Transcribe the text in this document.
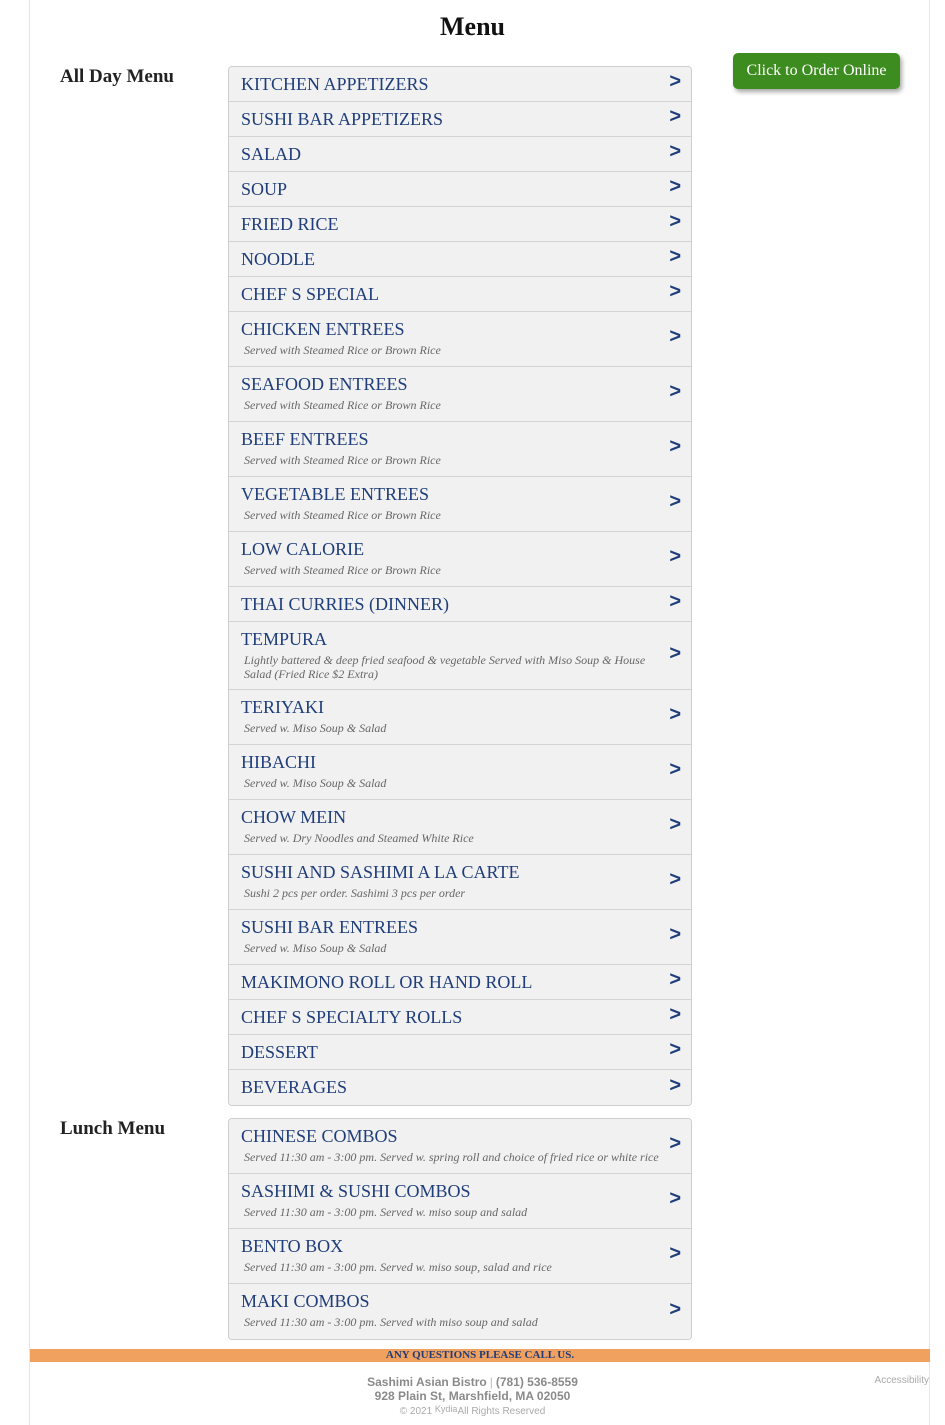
Menu
Click to Order Online
All Day Menu	KITCHEN APPETIZERS	>
SUSHI BAR APPETIZERS	>
SALAD	>
SOUP	>
FRIED RICE	>
NOODLE	>
CHEF S SPECIAL	>
CHICKEN ENTREES
Served with Steamed Rice or Brown Rice
>
SEAFOOD ENTREES
Served with Steamed Rice or Brown Rice
>
BEEF ENTREES
Served with Steamed Rice or Brown Rice
>
VEGETABLE ENTREES
Served with Steamed Rice or Brown Rice
>
LOW CALORIE
Served with Steamed Rice or Brown Rice
>
THAI CURRIES (DINNER)	>
TEMPURA
Lightly battered & deep fried seafood & vegetable Served with Miso Soup & House Salad (Fried Rice $2 Extra)
>
TERIYAKI
Served w. Miso Soup & Salad
>
HIBACHI
Served w. Miso Soup & Salad
>
CHOW MEIN
Served w. Dry Noodles and Steamed White Rice
>
SUSHI AND SASHIMI A LA CARTE
Sushi 2 pcs per order. Sashimi 3 pcs per order
>
SUSHI BAR ENTREES
Served w. Miso Soup & Salad
>
MAKIMONO ROLL OR HAND ROLL	>
CHEF S SPECIALTY ROLLS	>
DESSERT	>
BEVERAGES	>
Lunch Menu	CHINESE COMBOS
Served 11:30 am - 3:00 pm. Served w. spring roll and choice of fried rice or white rice
>
SASHIMI & SUSHI COMBOS
Served 11:30 am - 3:00 pm. Served w. miso soup and salad
>
BENTO BOX
Served 11:30 am - 3:00 pm. Served w. miso soup, salad and rice
>
MAKI COMBOS
Served 11:30 am - 3:00 pm. Served with miso soup and salad
>
ANY QUESTIONS PLEASE CALL US.
Sashimi Asian Bistro | (781) 536-8559
928 Plain St, Marshfield, MA 02050
© 2021 KydiaAll Rights Reserved
Accessibility
